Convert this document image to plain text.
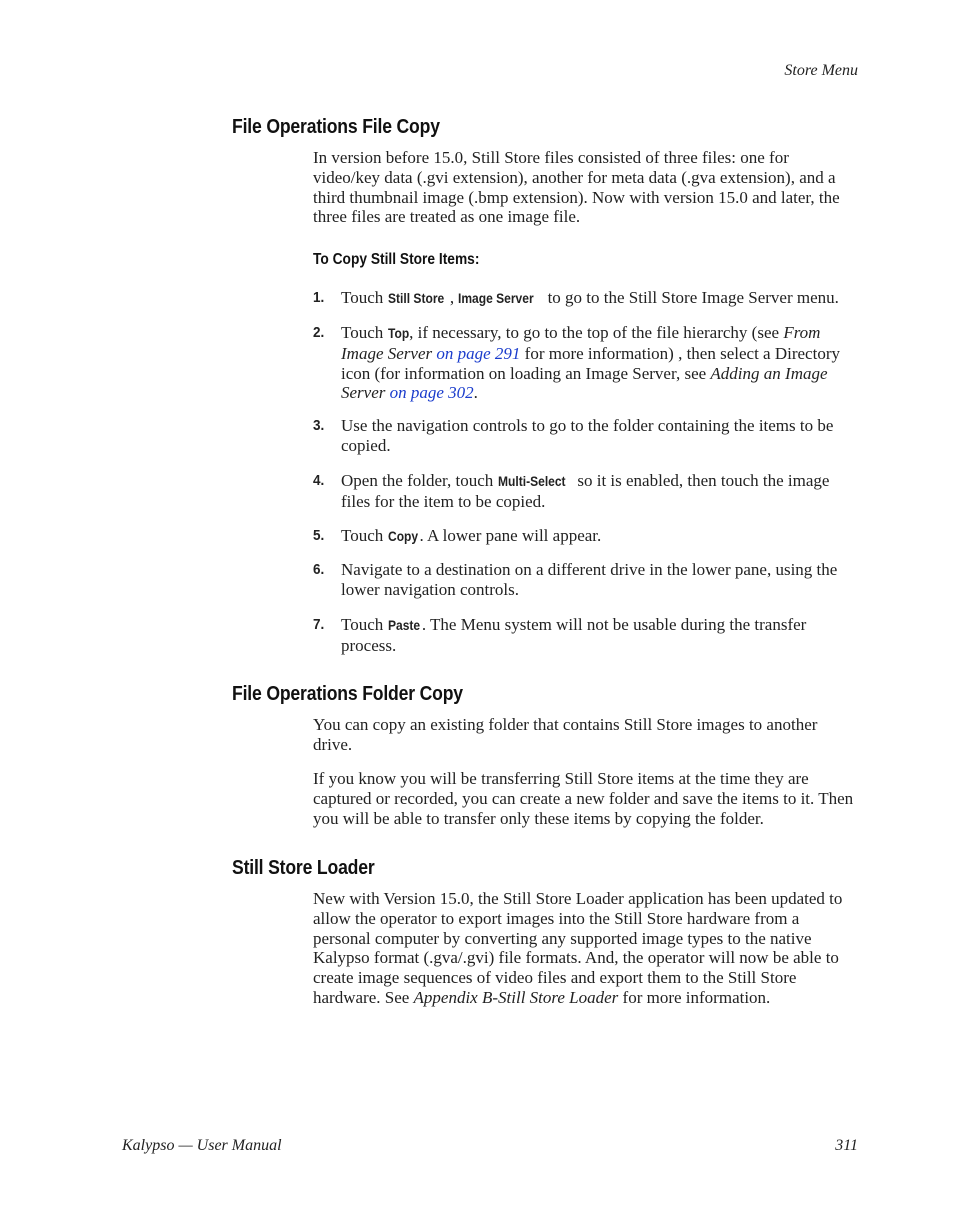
Store Menu
File Operations File Copy
In version before 15.0, Still Store files consisted of three files: one for video/key data (.gvi extension), another for meta data (.gva extension), and a third thumbnail image (.bmp extension). Now with version 15.0 and later, the three files are treated as one image file.
To Copy Still Store Items:
1. Touch Still Store , Image Server to go to the Still Store Image Server menu.
2. Touch Top, if necessary, to go to the top of the file hierarchy (see From Image Server on page 291 for more information) , then select a Directory icon (for information on loading an Image Server, see Adding an Image Server on page 302.
3. Use the navigation controls to go to the folder containing the items to be copied.
4. Open the folder, touch Multi-Select so it is enabled, then touch the image files for the item to be copied.
5. Touch Copy . A lower pane will appear.
6. Navigate to a destination on a different drive in the lower pane, using the lower navigation controls.
7. Touch Paste . The Menu system will not be usable during the transfer process.
File Operations Folder Copy
You can copy an existing folder that contains Still Store images to another drive.
If you know you will be transferring Still Store items at the time they are captured or recorded, you can create a new folder and save the items to it. Then you will be able to transfer only these items by copying the folder.
Still Store Loader
New with Version 15.0, the Still Store Loader application has been updated to allow the operator to export images into the Still Store hardware from a personal computer by converting any supported image types to the native Kalypso format (.gva/.gvi) file formats. And, the operator will now be able to create image sequences of video files and export them to the Still Store hardware. See Appendix B-Still Store Loader for more information.
Kalypso — User Manual	311
